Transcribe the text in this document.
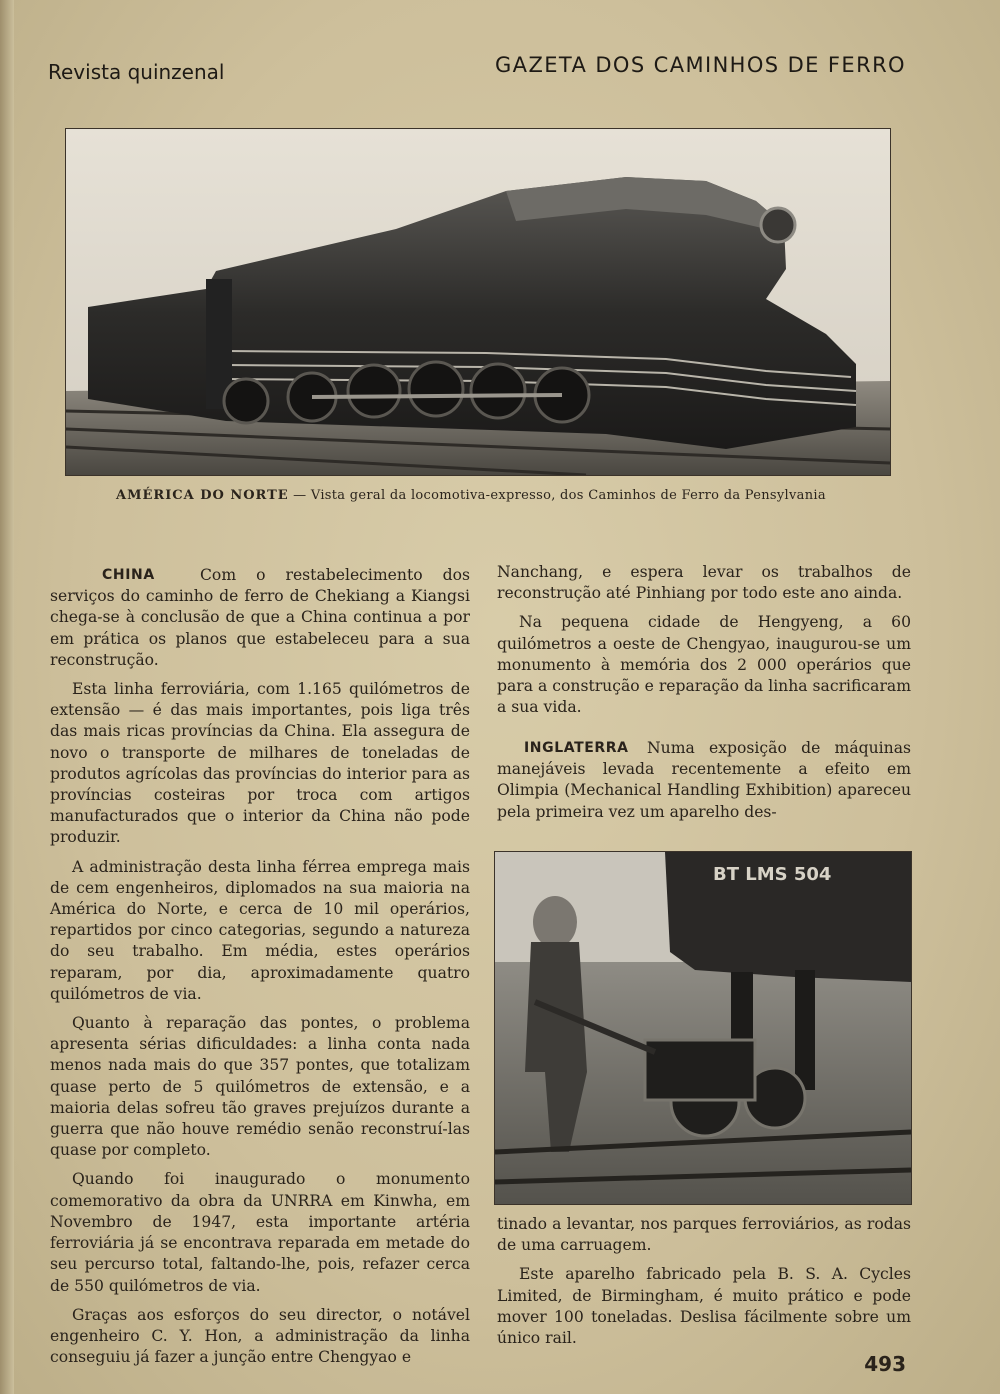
Revista quinzenal	GAZETA DOS CAMINHOS DE FERRO
AMÉRICA DO NORTE — Vista geral da locomotiva-expresso, dos Caminhos de Ferro da Pensylvania

CHINA	Com o restabelecimento dos serviços do caminho de ferro de Chekiang a Kiangsi chega-se à conclusão de que a China continua a por em prática os planos que estabeleceu para a sua reconstrução.

Esta linha ferroviária, com 1.165 quilómetros de extensão — é das mais importantes, pois liga três das mais ricas províncias da China. Ela assegura de novo o transporte de milhares de toneladas de produtos agrícolas das províncias do interior para as províncias costeiras por troca com artigos manufacturados que o interior da China não pode produzir.

A administração desta linha férrea emprega mais de cem engenheiros, diplomados na sua maioria na América do Norte, e cerca de 10 mil operários, repartidos por cinco categorias, segundo a natureza do seu trabalho. Em média, estes operários reparam, por dia, aproximadamente quatro quilómetros de via.

Quanto à reparação das pontes, o problema apresenta sérias dificuldades: a linha conta nada menos nada mais do que 357 pontes, que totalizam quase perto de 5 quilómetros de extensão, e a maioria delas sofreu tão graves prejuízos durante a guerra que não houve remédio senão reconstruí-las quase por completo.

Quando foi inaugurado o monumento comemorativo da obra da UNRRA em Kinwha, em Novembro de 1947, esta importante artéria ferroviária já se encontrava reparada em metade do seu percurso total, faltando-lhe, pois, refazer cerca de 550 quilómetros de via.

Graças aos esforços do seu director, o notável engenheiro C. Y. Hon, a administração da linha conseguiu já fazer a junção entre Chengyao e

Nanchang, e espera levar os trabalhos de reconstrução até Pinhiang por todo este ano ainda.

Na pequena cidade de Hengyeng, a 60 quilómetros a oeste de Chengyao, inaugurou-se um monumento à memória dos 2 000 operários que para a construção e reparação da linha sacrificaram a sua vida.

INGLATERRA	Numa exposição de máquinas manejáveis levada recentemente a efeito em Olimpia (Mechanical Handling Exhibition) apareceu pela primeira vez um aparelho des-

BT LMS 504

tinado a levantar, nos parques ferroviários, as rodas de uma carruagem.

Este aparelho fabricado pela B. S. A. Cycles Limited, de Birmingham, é muito prático e pode mover 100 toneladas. Deslisa fácilmente sobre um único rail.

493
